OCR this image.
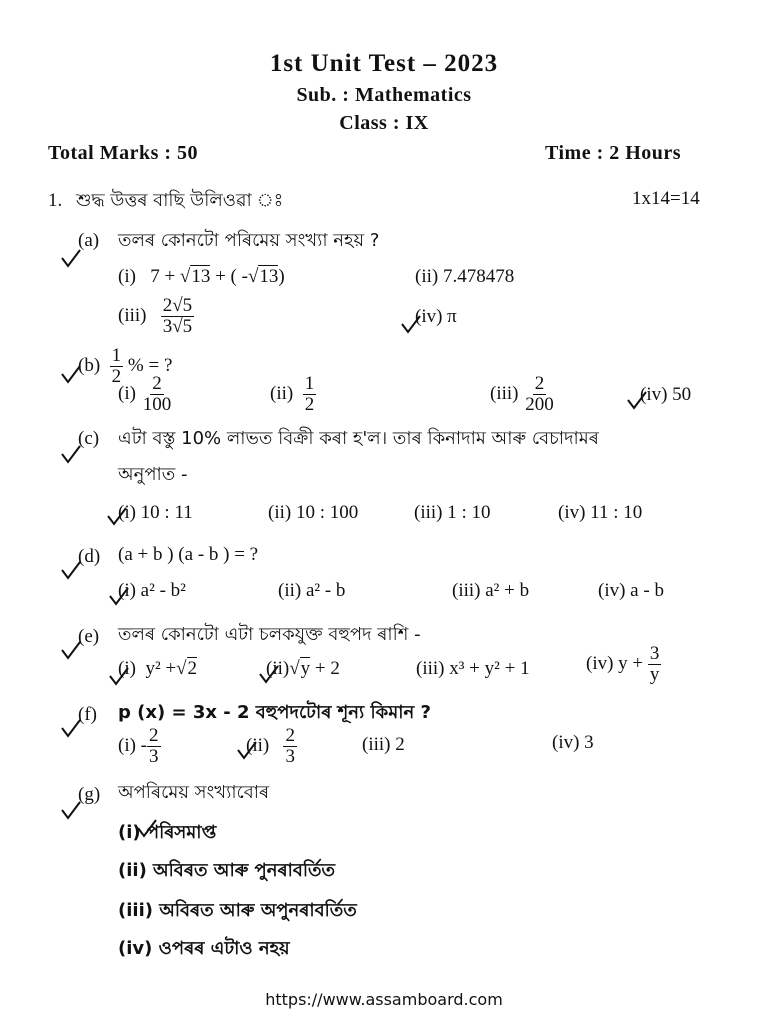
1st Unit Test – 2023
Sub. : Mathematics
Class : IX
Total Marks : 50	Time : 2 Hours
1. শুদ্ধ উত্তৰ বাছি উলিওৱা ঃ	1x14=14
(a) তলৰ কোনটো পৰিমেয় সংখ্যা নহয় ?
(i) 7 + √13 + ( -√13)	(ii) 7.478478
(iii)
$\frac{2√5}{3√5}$	(iv) π
(b)
$\frac{1}{2}$
% = ?
(i)
$\frac{2}{100}$	(ii)
$\frac{1}{2}$	(iii)
$\frac{2}{200}$	(iv) 50
(c) এটা বস্তু 10% লাভত বিক্ৰী কৰা হ'ল। তাৰ কিনাদাম আৰু বেচাদামৰ
অনুপাত -
(i) 10 : 11	(ii) 10 : 100	(iii) 1 : 10	(iv) 11 : 10
(d) (a + b ) (a - b ) = ?
(i) a² - b²	(ii) a² - b	(iii) a² + b	(iv) a - b
(e) তলৰ কোনটো এটা চলকযুক্ত বহুপদ ৰাশি -
(i) y² +√2	(ii)√y + 2	(iii) x³ + y² + 1	(iv) y +
$\frac{3}{y}$
(f) p (x) = 3x - 2 বহুপদটোৰ শূন্য কিমান ?
$(i) - \frac{2}{3}$	(ii)
$\frac{2}{3}$	(iii) 2	(iv) 3
(g) অপৰিমেয় সংখ্যাবোৰ
(i) পৰিসমাপ্ত
(ii) অবিৰত আৰু পুনৰাবৰ্তিত
(iii) অবিৰত আৰু অপুনৰাবৰ্তিত
(iv) ওপৰৰ এটাও নহয়
https://www.assamboard.com
